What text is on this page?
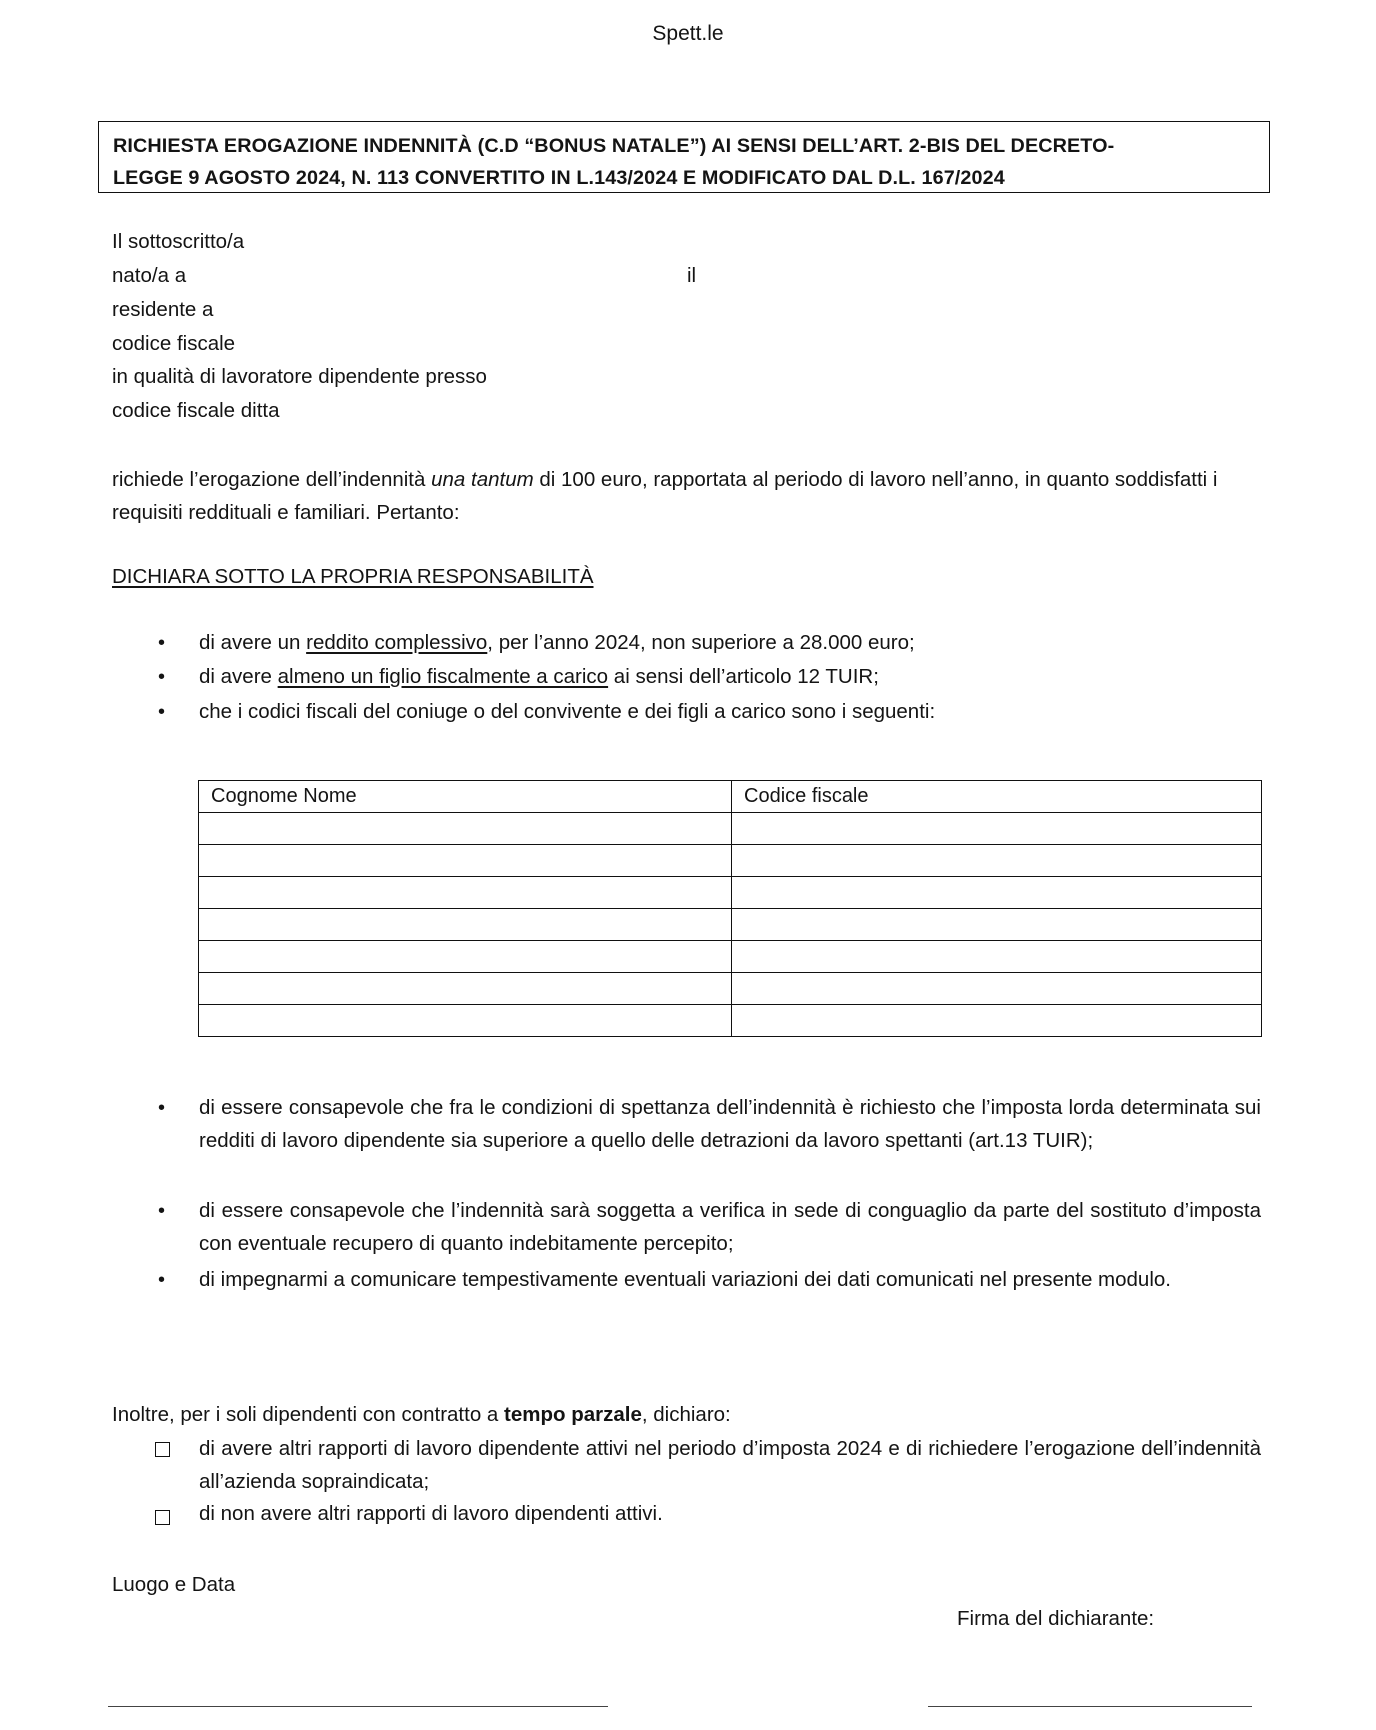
Spett.le
RICHIESTA EROGAZIONE INDENNITÀ (C.D “BONUS NATALE”) AI SENSI DELL’ART. 2-BIS DEL DECRETO-
LEGGE 9 AGOSTO 2024, N. 113 CONVERTITO IN L.143/2024 E MODIFICATO DAL D.L. 167/2024
Il sottoscritto/a
nato/a a	il
residente a
codice fiscale
in qualità di lavoratore dipendente presso
codice fiscale ditta
richiede l’erogazione dell’indennità una tantum di 100 euro, rapportata al periodo di lavoro nell’anno, in quanto soddisfatti i requisiti reddituali e familiari. Pertanto:
DICHIARA SOTTO LA PROPRIA RESPONSABILITÀ
• di avere un reddito complessivo, per l’anno 2024, non superiore a 28.000 euro;
• di avere almeno un figlio fiscalmente a carico ai sensi dell’articolo 12 TUIR;
• che i codici fiscali del coniuge o del convivente e dei figli a carico sono i seguenti:
Cognome Nome	Codice fiscale

• di essere consapevole che fra le condizioni di spettanza dell’indennità è richiesto che l’imposta lorda determinata sui redditi di lavoro dipendente sia superiore a quello delle detrazioni da lavoro spettanti (art.13 TUIR);
• di essere consapevole che l’indennità sarà soggetta a verifica in sede di conguaglio da parte del sostituto d’imposta con eventuale recupero di quanto indebitamente percepito;
• di impegnarmi a comunicare tempestivamente eventuali variazioni dei dati comunicati nel presente modulo.
Inoltre, per i soli dipendenti con contratto a tempo parzale, dichiaro:
di avere altri rapporti di lavoro dipendente attivi nel periodo d’imposta 2024 e di richiedere l’erogazione dell’indennità all’azienda sopraindicata;
di non avere altri rapporti di lavoro dipendenti attivi.
Luogo e Data
Firma del dichiarante:
